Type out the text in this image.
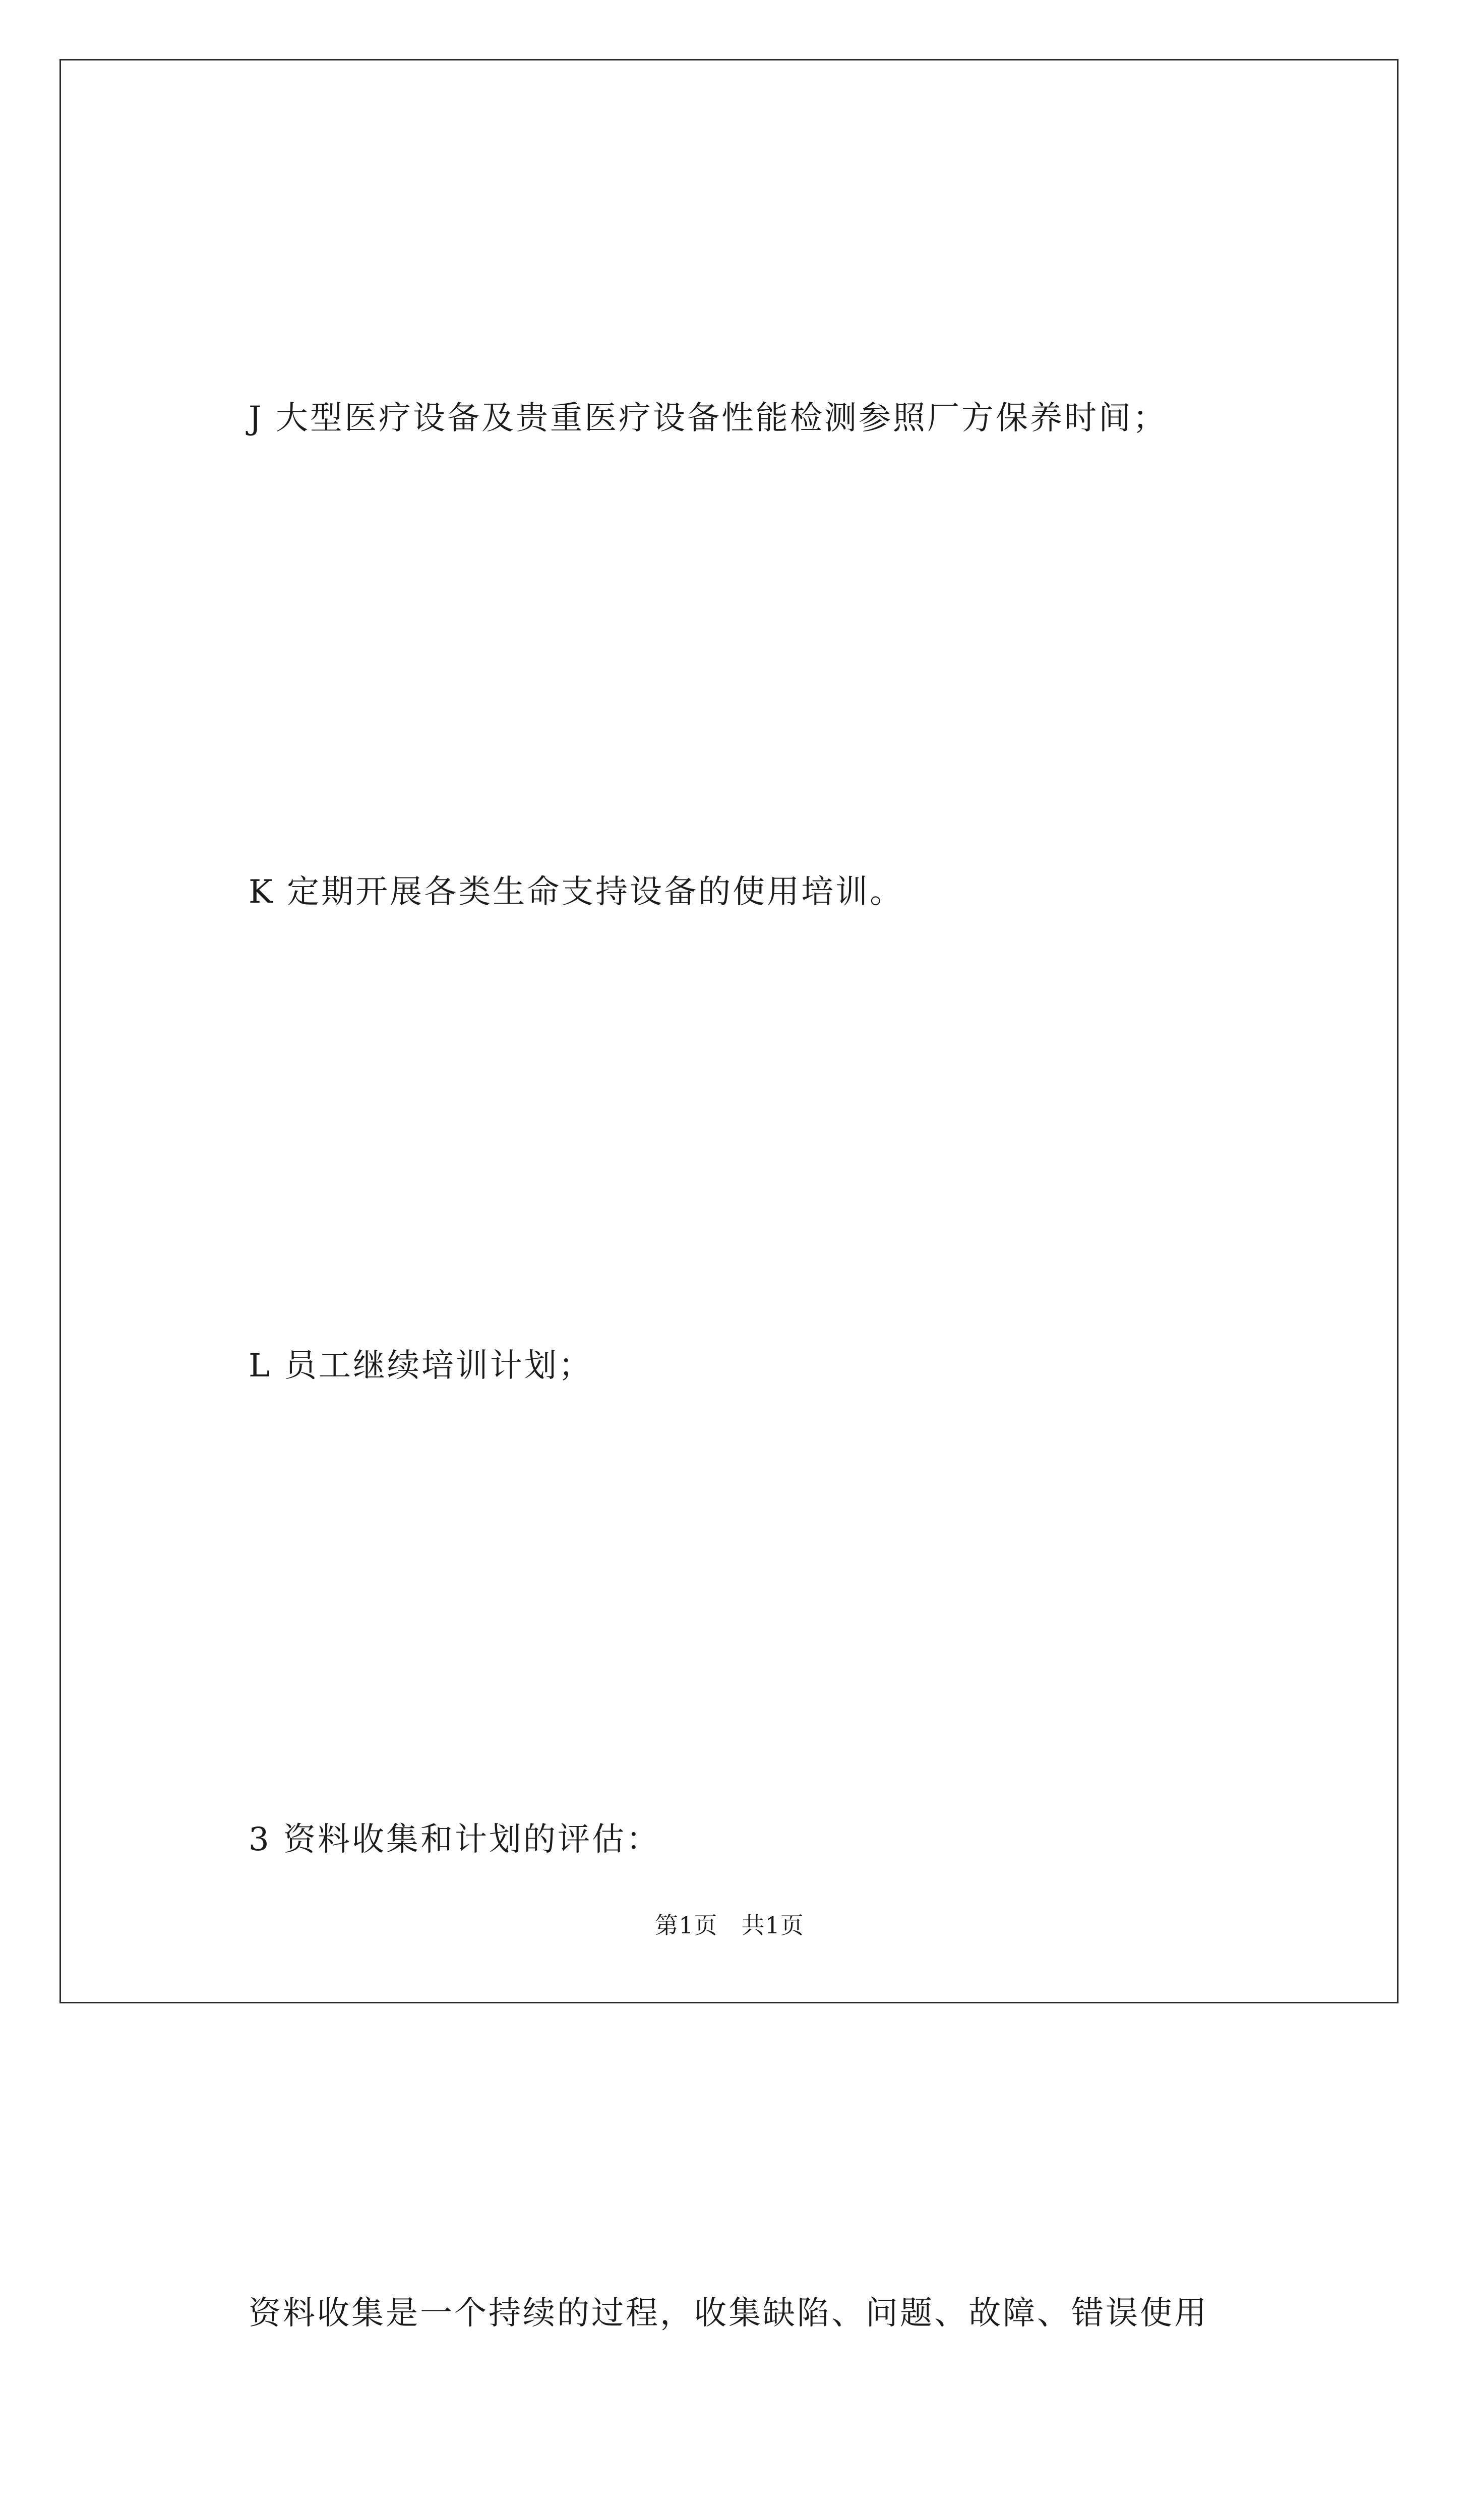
J 大型医疗设备及贵重医疗设备性能检测参照厂方保养时间；

K 定期开展各类生命支持设备的使用培训。

L 员工继续培训计划；

3 资料收集和计划的评估：

资料收集是一个持续的过程，收集缺陷、问题、故障、错误使用

第1页　共1页
